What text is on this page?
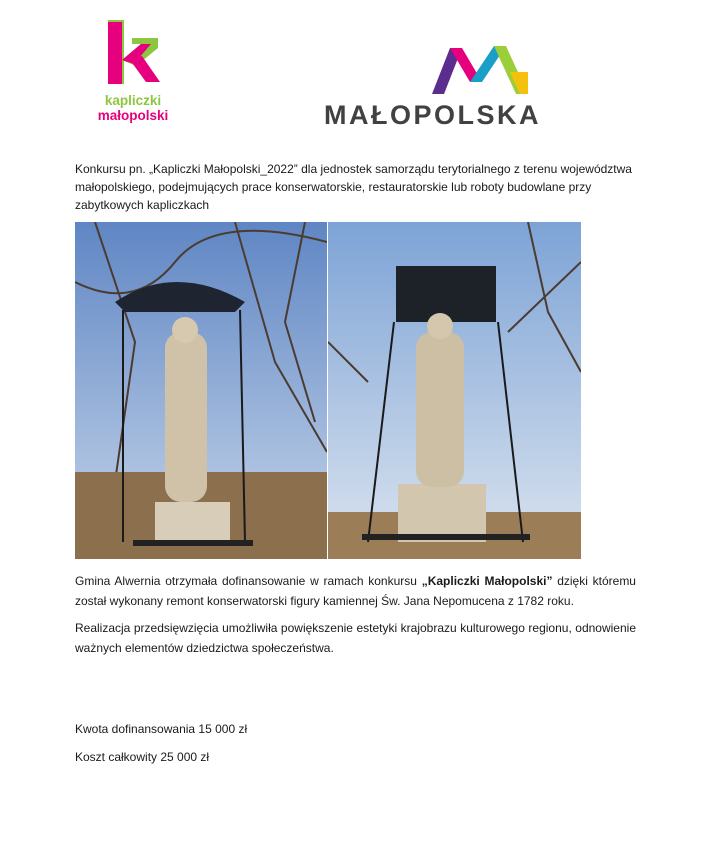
kapliczki
małopolski	MAŁOPOLSKA
Konkursu pn. „Kapliczki Małopolski_2022” dla jednostek samorządu terytorialnego z terenu województwa małopolskiego, podejmujących prace konserwatorskie, restauratorskie lub roboty budowlane przy zabytkowych kapliczkach
Gmina Alwernia otrzymała dofinansowanie w ramach konkursu „Kapliczki Małopolski” dzięki któremu został wykonany remont konserwatorski figury kamiennej Św. Jana Nepomucena z 1782 roku.
Realizacja przedsięwzięcia umożliwiła powiększenie estetyki krajobrazu kulturowego regionu, odnowienie ważnych elementów dziedzictwa społeczeństwa.
Kwota dofinansowania 15 000 zł
Koszt całkowity 25 000 zł
